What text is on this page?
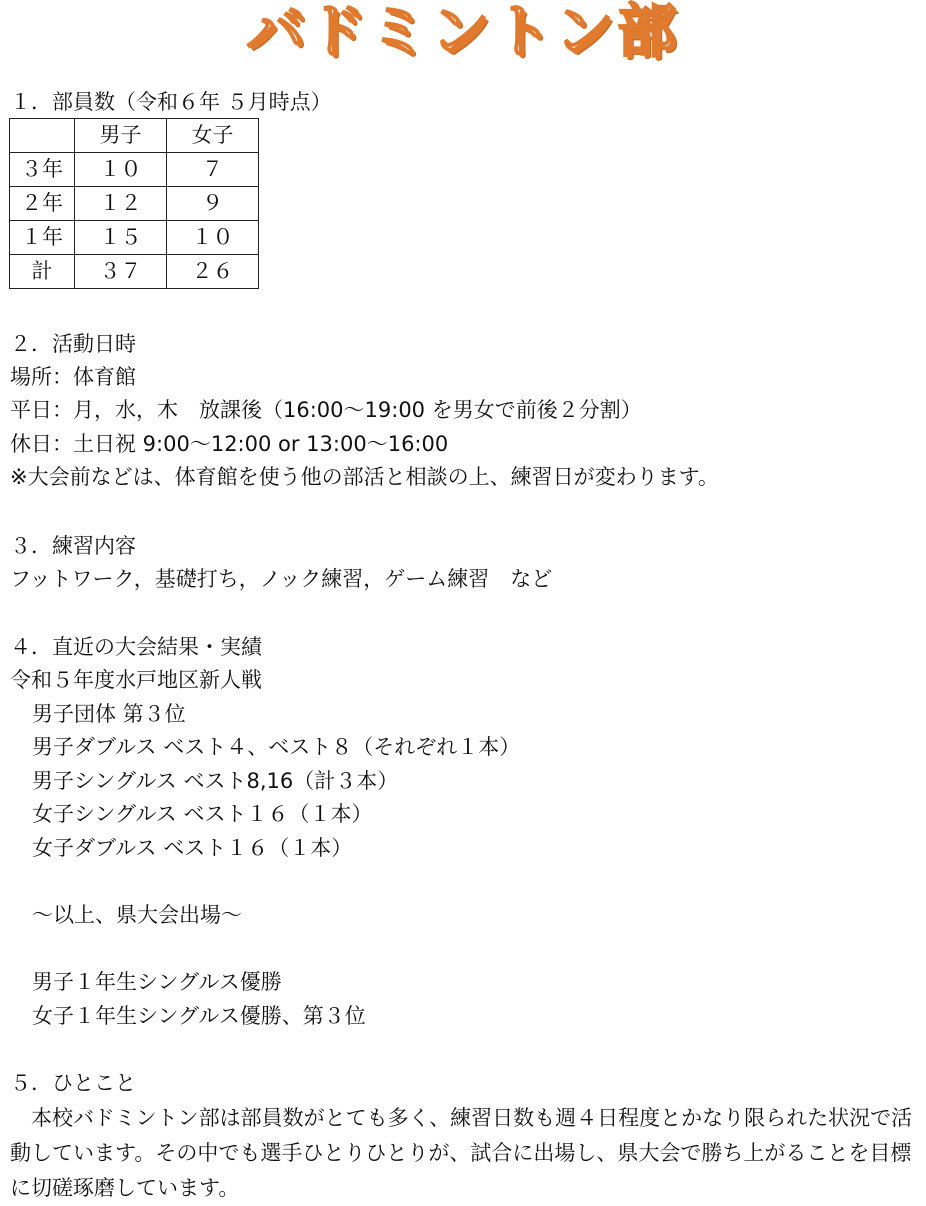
バドミントン部
１．部員数（令和６年 ５月時点）
	男子	女子
３年	１０	７
２年	１２	９
１年	１５	１０
計	３７	２６
２．活動日時
場所：体育館
平日：月，水，木　放課後（16:00～19:00 を男女で前後２分割）
休日：土日祝 9:00～12:00 or 13:00～16:00
※大会前などは、体育館を使う他の部活と相談の上、練習日が変わります。
３．練習内容
フットワーク，基礎打ち，ノック練習，ゲーム練習　など
４．直近の大会結果・実績
令和５年度水戸地区新人戦
男子団体 第３位
男子ダブルス ベスト４、ベスト８（それぞれ１本）
男子シングルス ベスト8,16（計３本）
女子シングルス ベスト１６（１本）
女子ダブルス ベスト１６（１本）
～以上、県大会出場～
男子１年生シングルス優勝
女子１年生シングルス優勝、第３位
５．ひとこと
本校バドミントン部は部員数がとても多く、練習日数も週４日程度とかなり限られた状況で活動しています。その中でも選手ひとりひとりが、試合に出場し、県大会で勝ち上がることを目標に切磋琢磨しています。
